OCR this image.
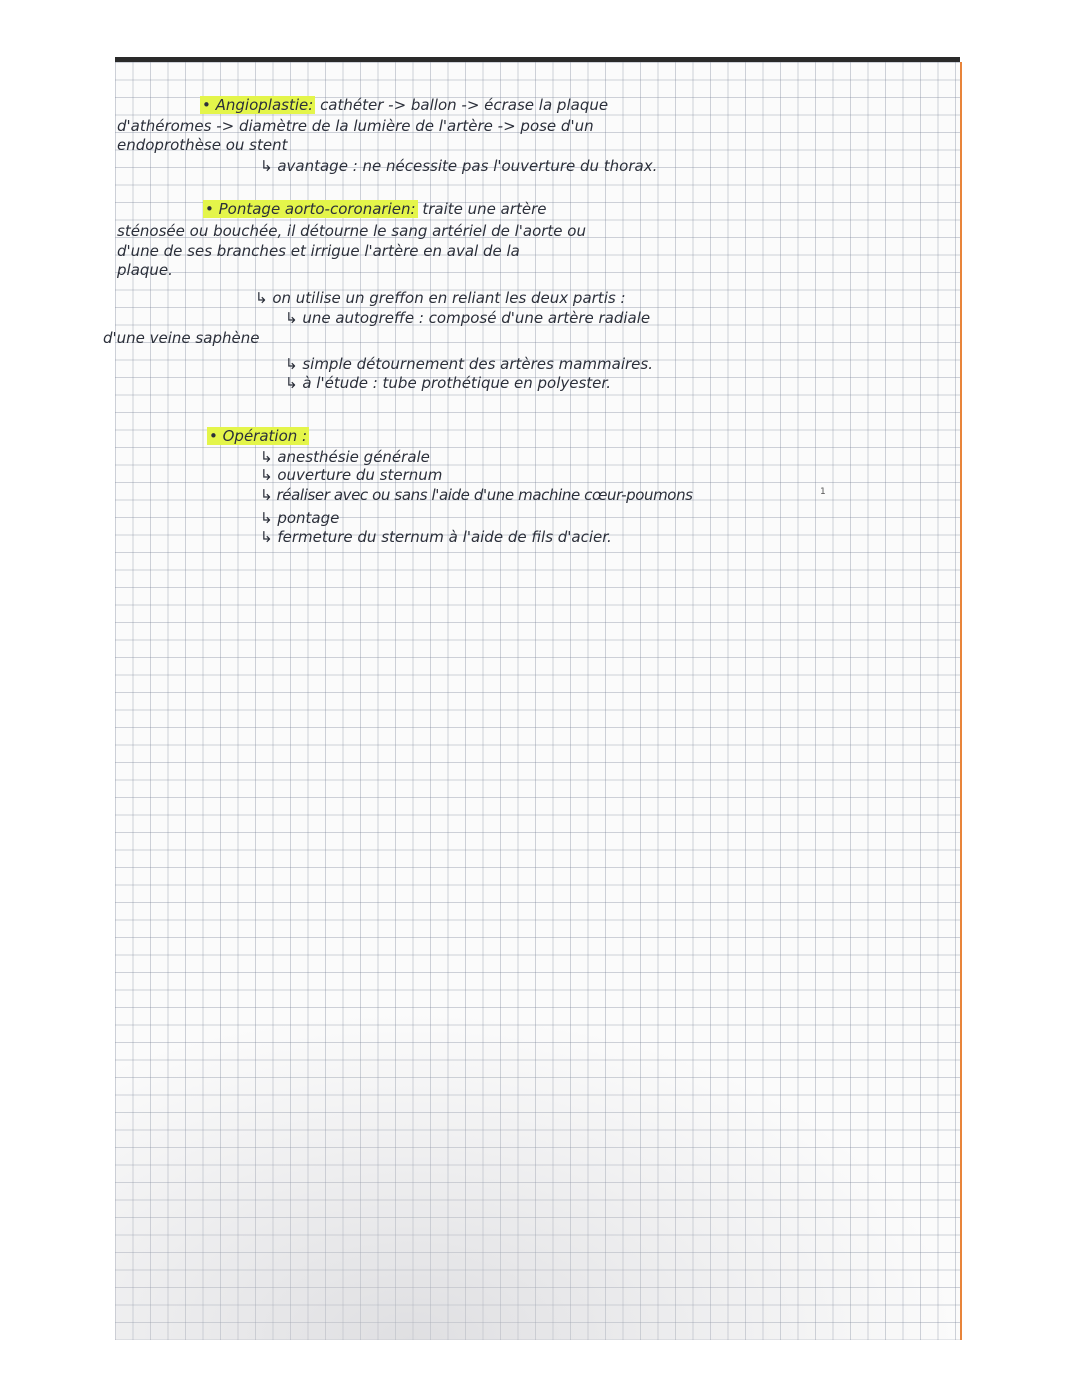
• Angioplastie: cathéter -> ballon -> écrase la plaque
d'athéromes -> diamètre de la lumière de l'artère -> pose d'un
endoprothèse ou stent
↳ avantage : ne nécessite pas l'ouverture du thorax.
• Pontage aorto-coronarien: traite une artère
sténosée ou bouchée, il détourne le sang artériel de l'aorte ou
d'une de ses branches et irrigue l'artère en aval de la
plaque.
↳ on utilise un greffon en reliant les deux partis :
↳ une autogreffe : composé d'une artère radiale
d'une veine saphène
↳ simple détournement des artères mammaires.
↳ à l'étude : tube prothétique en polyester.
1
• Opération :
↳ anesthésie générale
↳ ouverture du sternum
↳ réaliser avec ou sans l'aide d'une machine cœur-poumons
↳ pontage
↳ fermeture du sternum à l'aide de fils d'acier.
